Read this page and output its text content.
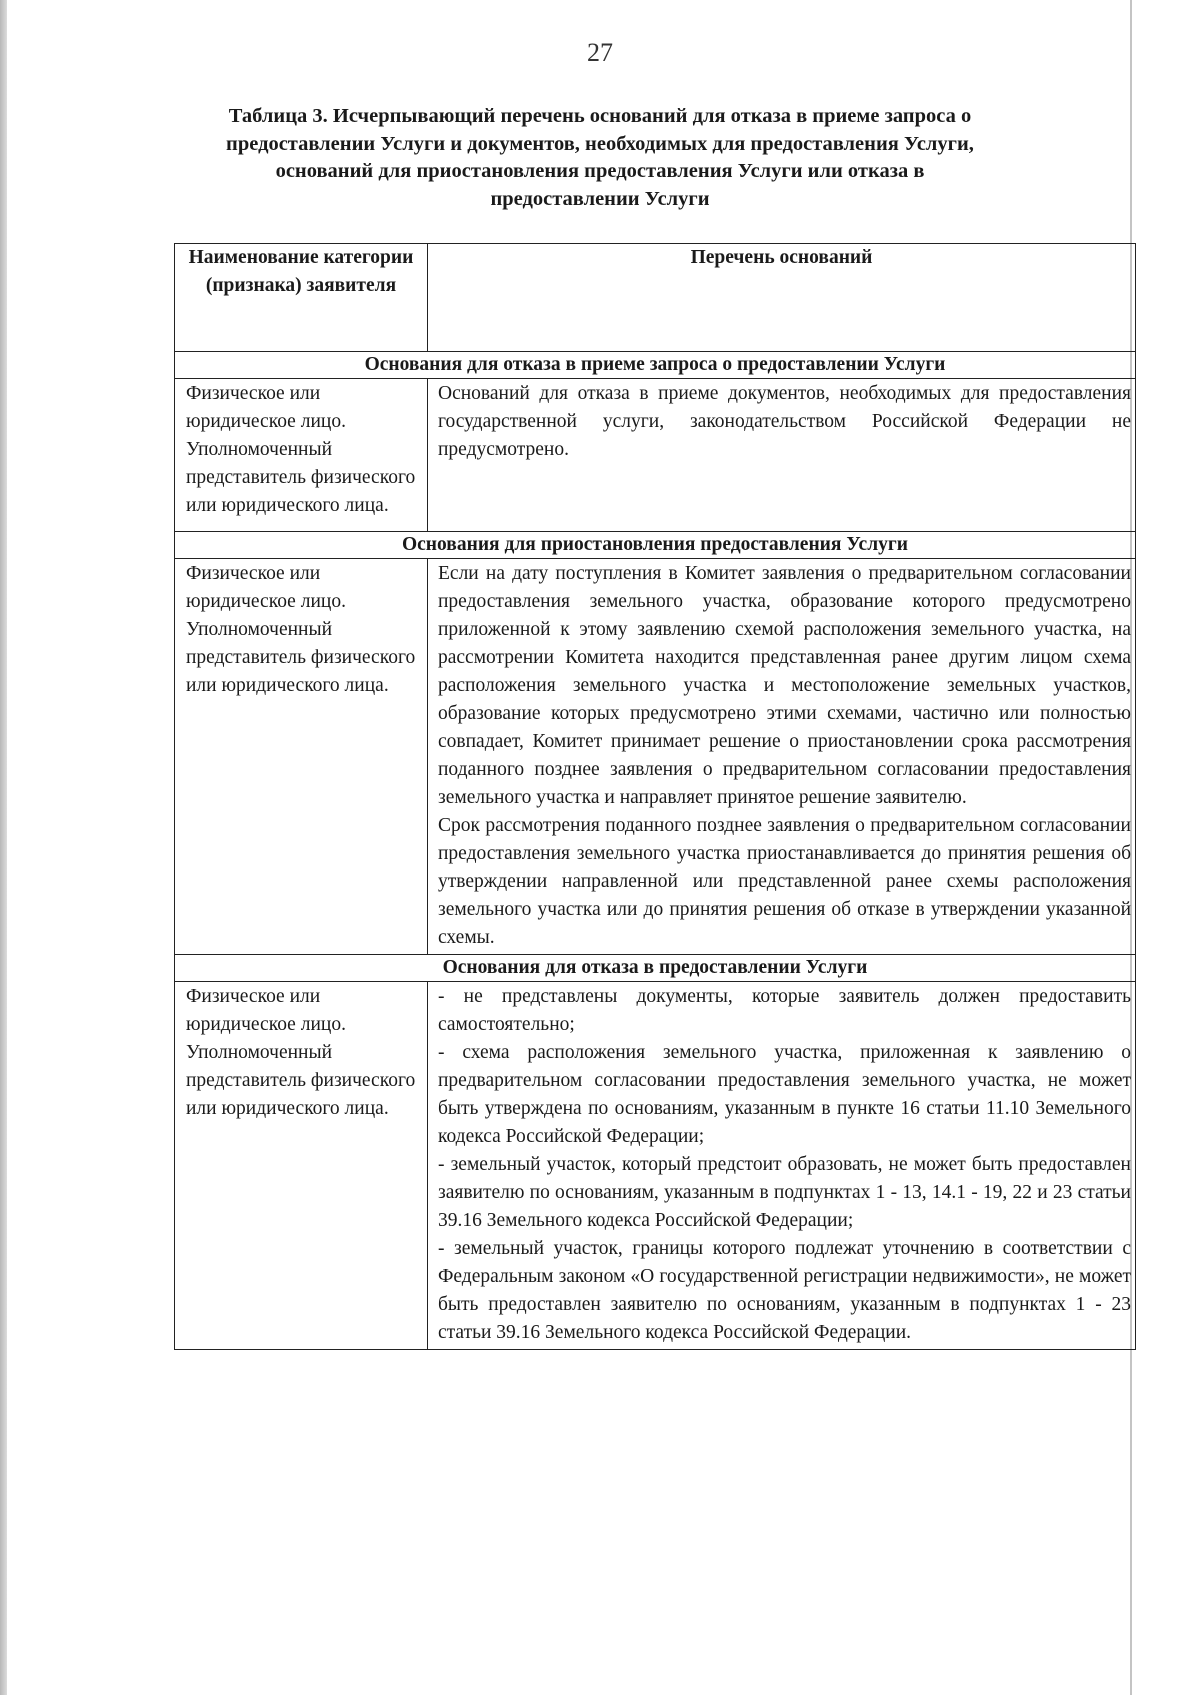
27
Таблица 3. Исчерпывающий перечень оснований для отказа в приеме запроса о предоставлении Услуги и документов, необходимых для предоставления Услуги, оснований для приостановления предоставления Услуги или отказа в предоставлении Услуги
Наименование категории (признака) заявителя	Перечень оснований
Основания для отказа в приеме запроса о предоставлении Услуги	
Физическое или юридическое лицо. Уполномоченный представитель физического или юридического лица.	Оснований для отказа в приеме документов, необходимых для предоставления государственной услуги, законодательством Российской Федерации не предусмотрено.

Основания для приостановления предоставления Услуги	
Физическое или юридическое лицо. Уполномоченный представитель физического или юридического лица.	Если на дату поступления в Комитет заявления о предварительном согласовании предоставления земельного участка, образование которого предусмотрено приложенной к этому заявлению схемой расположения земельного участка, на рассмотрении Комитета находится представленная ранее другим лицом схема расположения земельного участка и местоположение земельных участков, образование которых предусмотрено этими схемами, частично или полностью совпадает, Комитет принимает решение о приостановлении срока рассмотрения поданного позднее заявления о предварительном согласовании предоставления земельного участка и направляет принятое решение заявителю.

Срок рассмотрения поданного позднее заявления о предварительном согласовании предоставления земельного участка приостанавливается до принятия решения об утверждении направленной или представленной ранее схемы расположения земельного участка или до принятия решения об отказе в утверждении указанной схемы.

Основания для отказа в предоставлении Услуги	
Физическое или юридическое лицо. Уполномоченный представитель физического или юридического лица.	- не представлены документы, которые заявитель должен предоставить самостоятельно;

- схема расположения земельного участка, приложенная к заявлению о предварительном согласовании предоставления земельного участка, не может быть утверждена по основаниям, указанным в пункте 16 статьи 11.10 Земельного кодекса Российской Федерации;

- земельный участок, который предстоит образовать, не может быть предоставлен заявителю по основаниям, указанным в подпунктах 1 - 13, 14.1 - 19, 22 и 23 статьи 39.16 Земельного кодекса Российской Федерации;

- земельный участок, границы которого подлежат уточнению в соответствии с Федеральным законом «О государственной регистрации недвижимости», не может быть предоставлен заявителю по основаниям, указанным в подпунктах 1 - 23 статьи 39.16 Земельного кодекса Российской Федерации.
